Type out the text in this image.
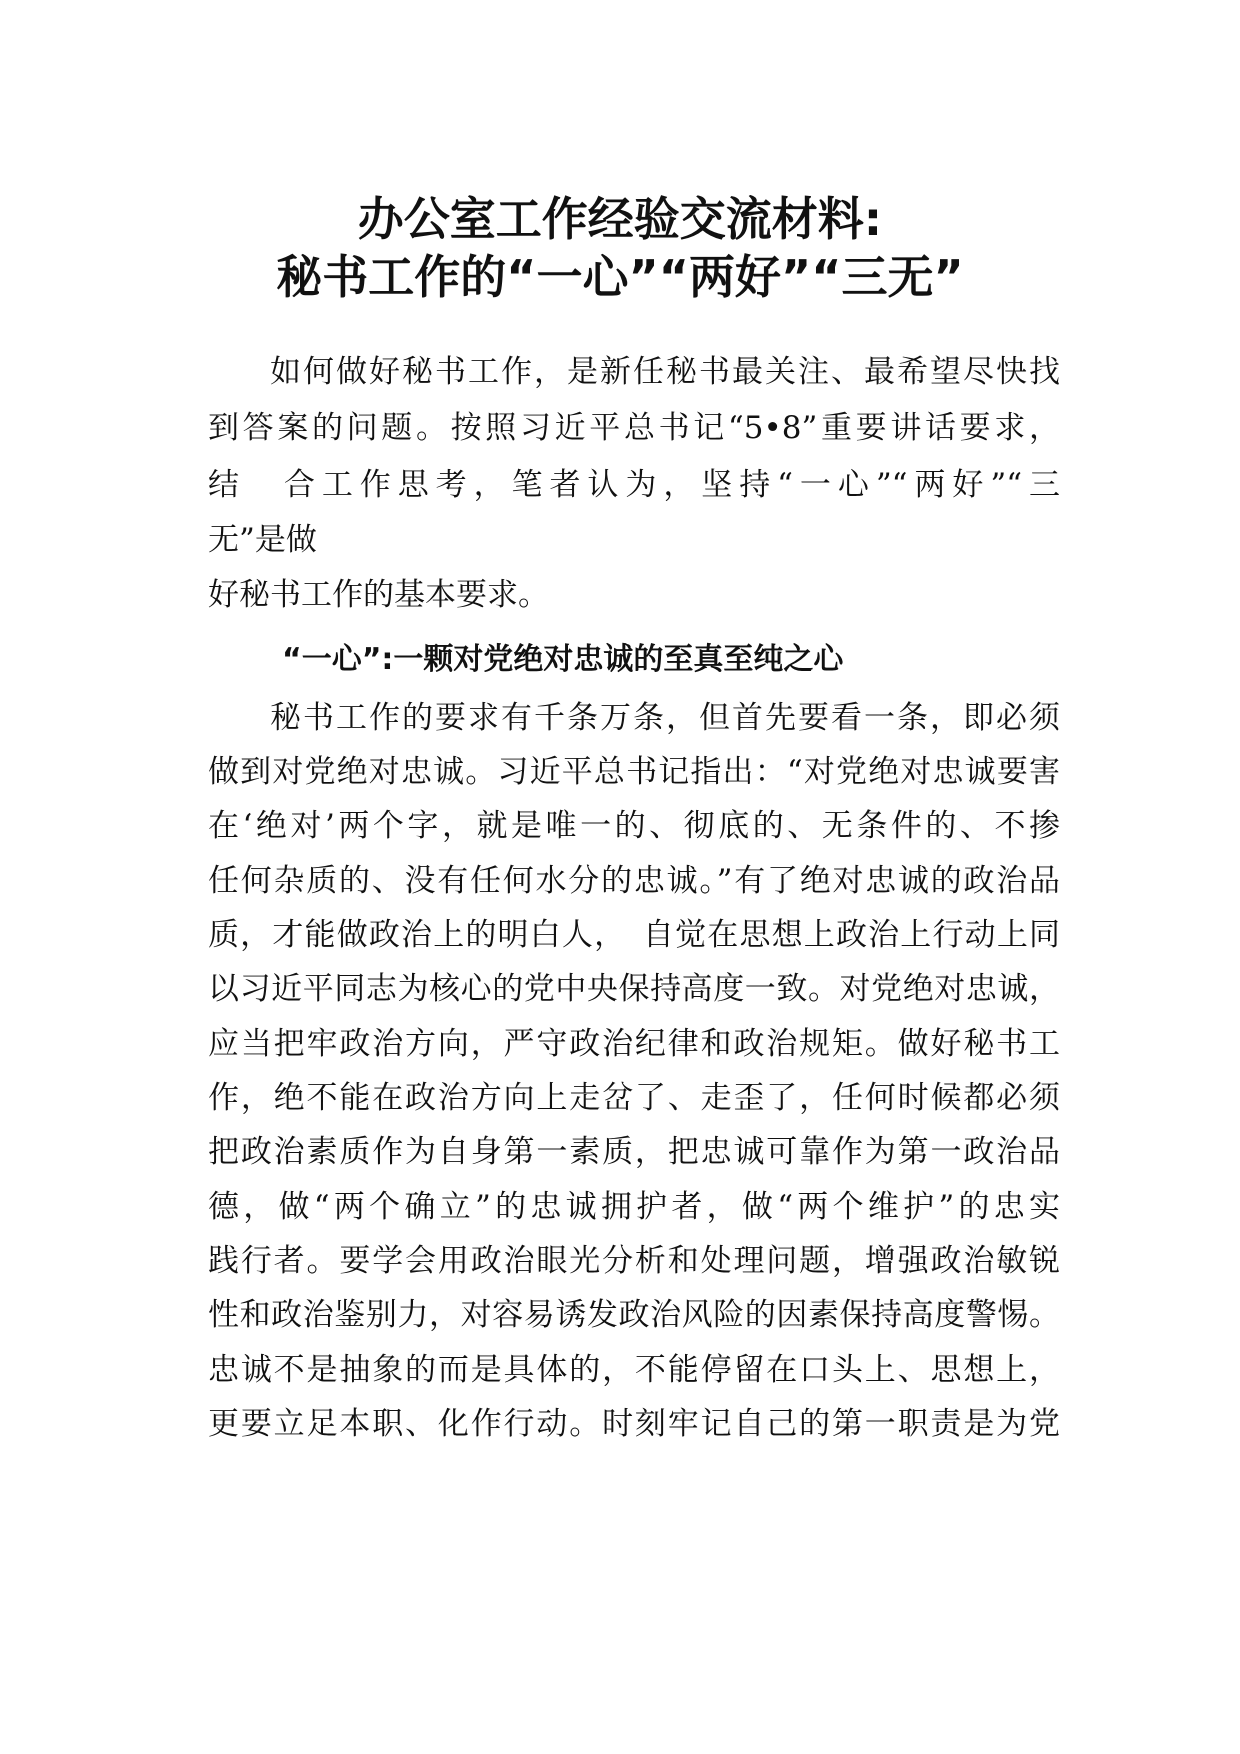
办公室工作经验交流材料:
秘书工作的“一心”“两好”“三无”
如何做好秘书工作，是新任秘书最关注、最希望尽快找
到答案的问题。按照习近平总书记“5•8”重要讲话要求，
结　合工作思考，笔者认为，坚持“一心”“两好”“三
无”是做
好秘书工作的基本要求。
“一心”:一颗对党绝对忠诚的至真至纯之心
秘书工作的要求有千条万条，但首先要看一条，即必须
做到对党绝对忠诚。习近平总书记指出：“对党绝对忠诚要害
在‘绝对’两个字，就是唯一的、彻底的、无条件的、不掺
任何杂质的、没有任何水分的忠诚。”有了绝对忠诚的政治品
质，才能做政治上的明白人，　自觉在思想上政治上行动上同
以习近平同志为核心的党中央保持高度一致。对党绝对忠诚，
应当把牢政治方向，严守政治纪律和政治规矩。做好秘书工
作，绝不能在政治方向上走岔了、走歪了，任何时候都必须
把政治素质作为自身第一素质，把忠诚可靠作为第一政治品
德，做“两个确立”的忠诚拥护者，做“两个维护”的忠实
践行者。要学会用政治眼光分析和处理问题，增强政治敏锐
性和政治鉴别力，对容易诱发政治风险的因素保持高度警惕。
忠诚不是抽象的而是具体的，不能停留在口头上、思想上，
更要立足本职、化作行动。时刻牢记自己的第一职责是为党
